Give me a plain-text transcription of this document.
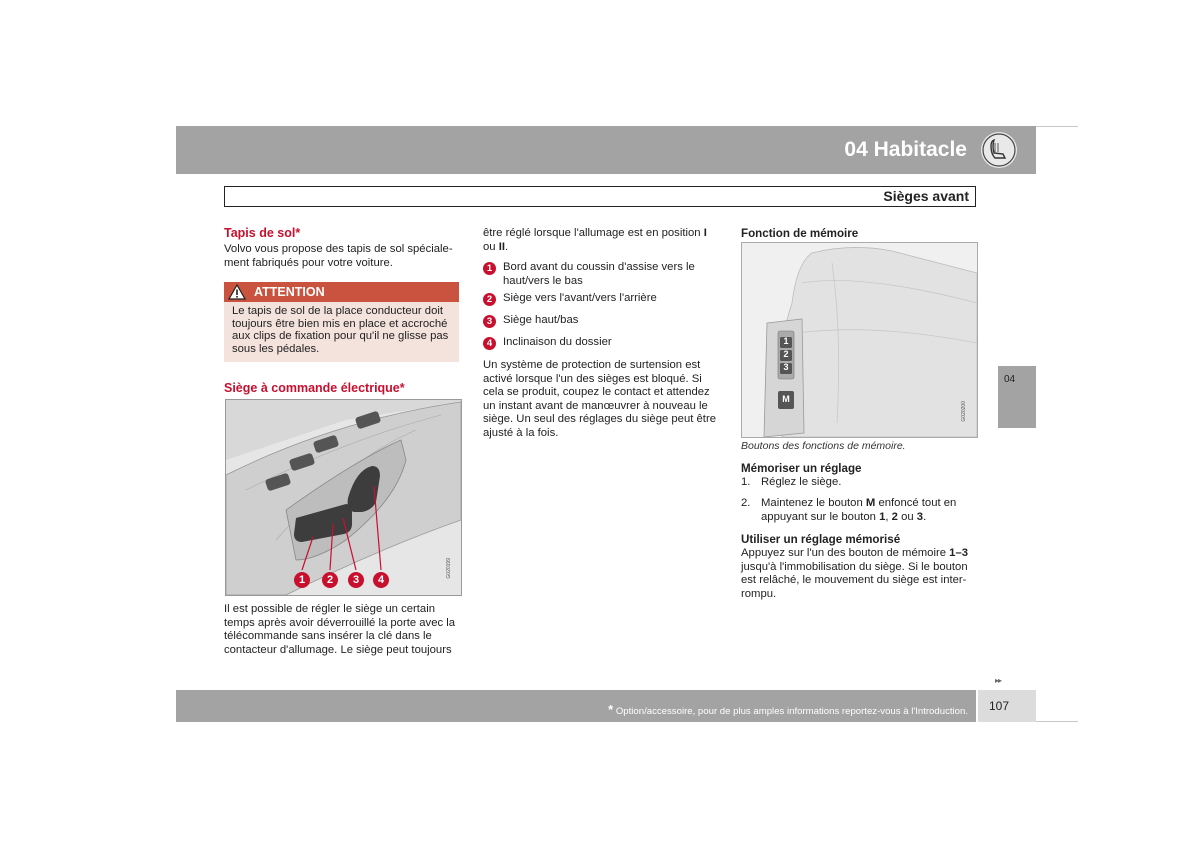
04 Habitacle
Sièges avant
Tapis de sol*
Volvo vous propose des tapis de sol spéciale-
ment fabriqués pour votre voiture.
ATTENTION
Le tapis de sol de la place conducteur doit
toujours être bien mis en place et accroché
aux clips de fixation pour qu'il ne glisse pas
sous les pédales.
Siège à commande électrique*
1	2	3	4
G020199
Il est possible de régler le siège un certain
temps après avoir déverrouillé la porte avec la
télécommande sans insérer la clé dans le
contacteur d'allumage. Le siège peut toujours
être réglé lorsque l'allumage est en position I
ou II.
1 Bord avant du coussin d'assise vers le
haut/vers le bas
2 Siège vers l'avant/vers l'arrière
3 Siège haut/bas
4 Inclinaison du dossier
Un système de protection de surtension est
activé lorsque l'un des sièges est bloqué. Si
cela se produit, coupez le contact et attendez
un instant avant de manœuvrer à nouveau le
siège. Un seul des réglages du siège peut être
ajusté à la fois.
Fonction de mémoire
1
2
3
M
G020200
Boutons des fonctions de mémoire.
Mémoriser un réglage
1. Réglez le siège.
2. Maintenez le bouton M enfoncé tout en
appuyant sur le bouton 1, 2 ou 3.
Utiliser un réglage mémorisé
Appuyez sur l'un des bouton de mémoire 1–3
jusqu'à l'immobilisation du siège. Si le bouton
est relâché, le mouvement du siège est inter-
rompu.
04
▸▸
* Option/accessoire, pour de plus amples informations reportez-vous à l'Introduction. 107
